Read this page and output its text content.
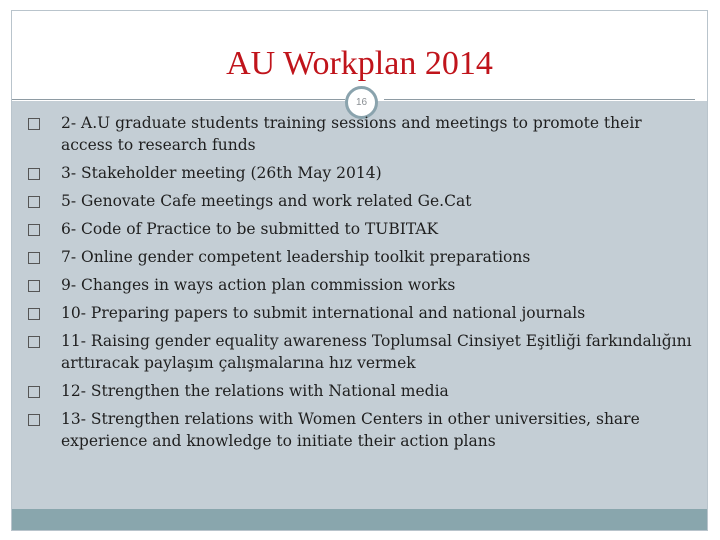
AU Workplan 2014
16
2- A.U graduate students training sessions and meetings to promote their access to research funds
3- Stakeholder meeting (26th May 2014)
5- Genovate Cafe meetings and work related Ge.Cat
6- Code of Practice to be submitted to TUBITAK
7- Online gender competent leadership toolkit preparations
9- Changes in ways action plan commission works
10- Preparing papers to submit international and national journals
11- Raising gender equality awareness Toplumsal Cinsiyet Eşitliği farkındalığını arttıracak paylaşım çalışmalarına hız vermek
12- Strengthen the relations with National media
13- Strengthen relations with Women Centers in other universities, share experience and knowledge to initiate their action plans
